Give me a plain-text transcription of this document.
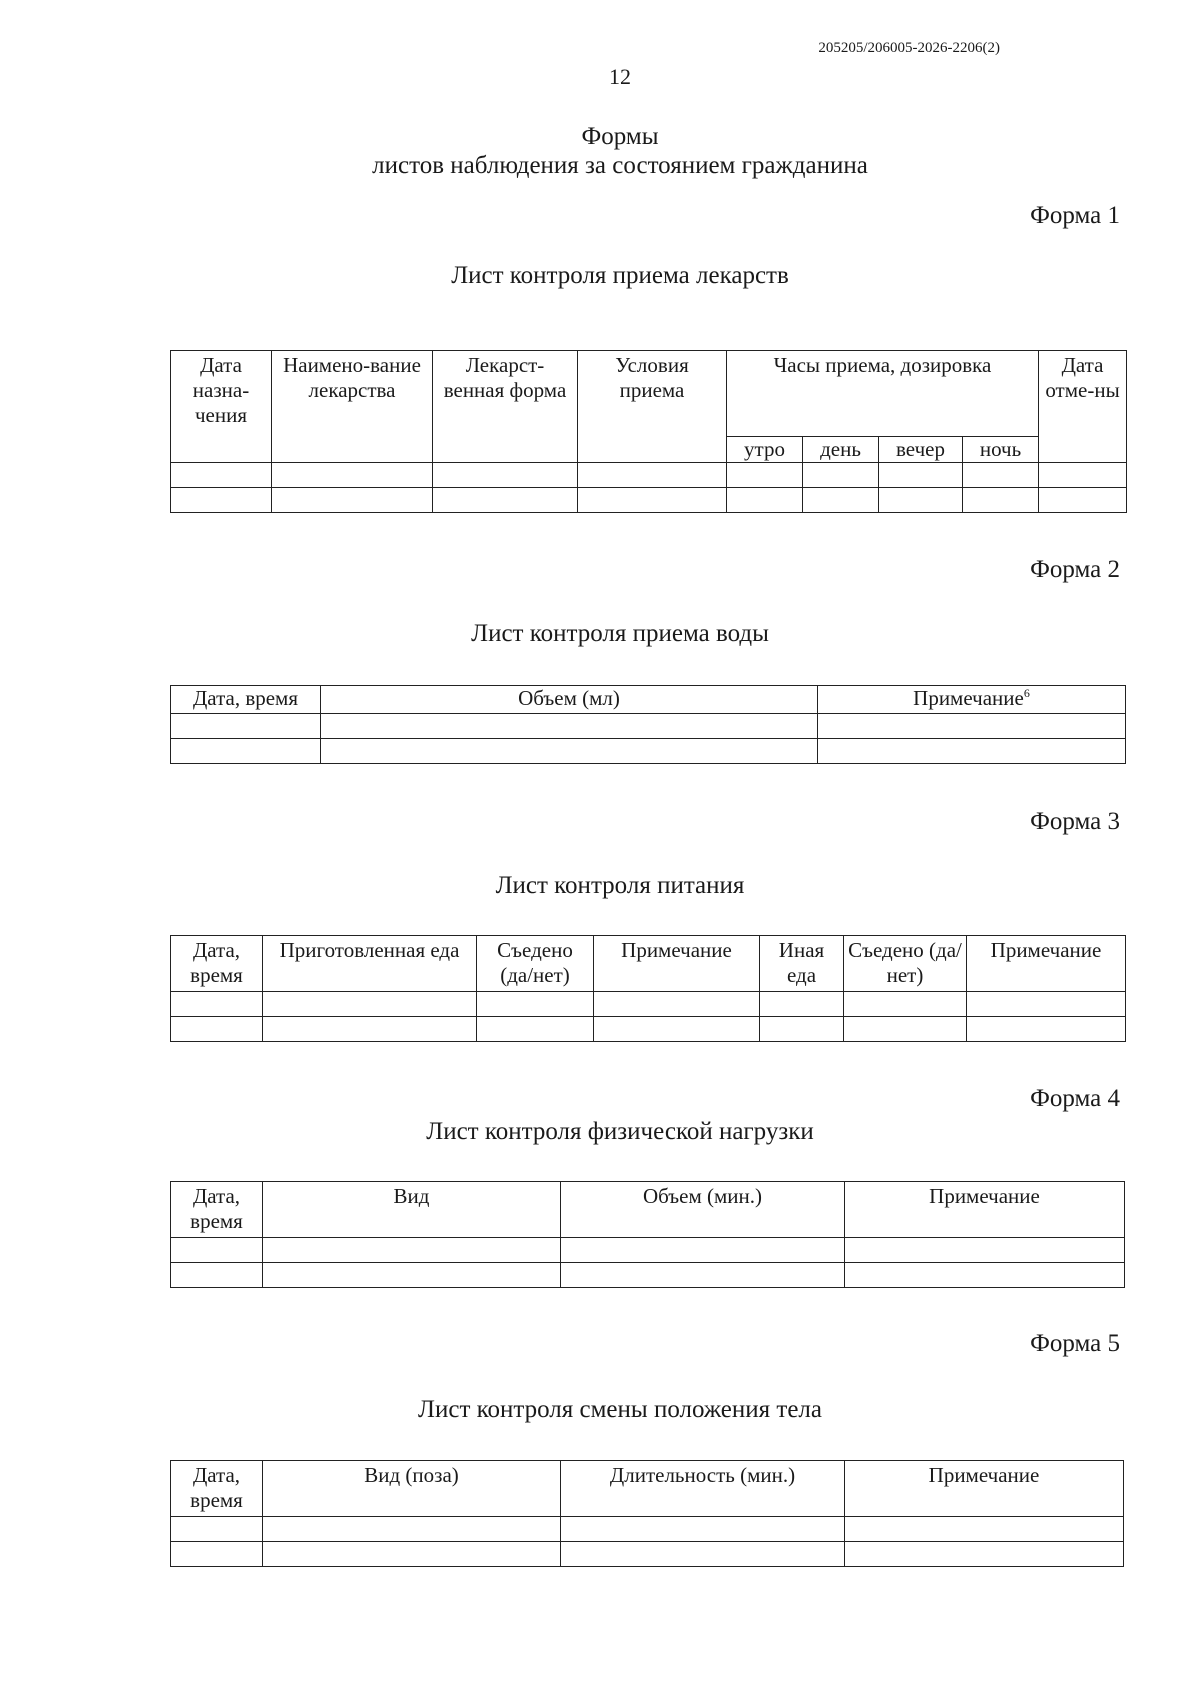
205205/206005-2026-2206(2)
12
Формы
листов наблюдения за состоянием гражданина
Форма 1
Лист контроля приема лекарств
Дата назна-чения	Наимено-вание лекарства	Лекарст-венная форма	Условия приема	Часы приема, дозировка				Дата отме-ны
				утро	день	вечер	ночь	

Форма 2
Лист контроля приема воды
Дата, время	Объем (мл)	Примечание$^6$

Форма 3
Лист контроля питания
Дата, время	Приготовленная еда	Съедено (да/нет)	Примечание	Иная еда	Съедено (да/нет)	Примечание

Форма 4
Лист контроля физической нагрузки
Дата, время	Вид	Объем (мин.)	Примечание

Форма 5
Лист контроля смены положения тела
Дата, время	Вид (поза)	Длительность (мин.)	Примечание
